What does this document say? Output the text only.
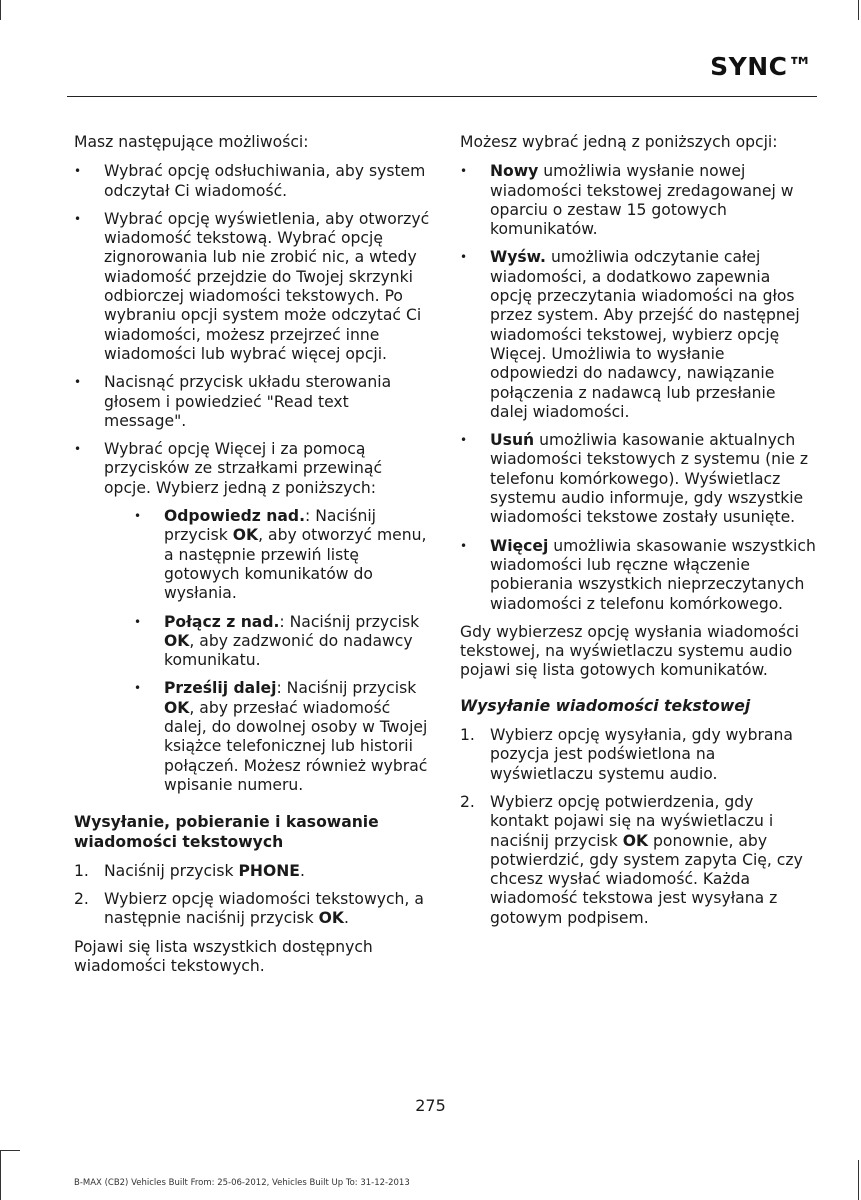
SYNC™

Masz następujące możliwości:

• Wybrać opcję odsłuchiwania, aby system odczytał Ci wiadomość.
• Wybrać opcję wyświetlenia, aby otworzyć wiadomość tekstową. Wybrać opcję zignorowania lub nie zrobić nic, a wtedy wiadomość przejdzie do Twojej skrzynki odbiorczej wiadomości tekstowych. Po wybraniu opcji system może odczytać Ci wiadomości, możesz przejrzeć inne wiadomości lub wybrać więcej opcji.
• Nacisnąć przycisk układu sterowania głosem i powiedzieć "Read text message".
• Wybrać opcję Więcej i za pomocą przycisków ze strzałkami przewinąć opcje. Wybierz jedną z poniższych:
• Odpowiedz nad.: Naciśnij przycisk OK, aby otworzyć menu, a następnie przewiń listę gotowych komunikatów do wysłania.
• Połącz z nad.: Naciśnij przycisk OK, aby zadzwonić do nadawcy komunikatu.
• Prześlij dalej: Naciśnij przycisk OK, aby przesłać wiadomość dalej, do dowolnej osoby w Twojej książce telefonicznej lub historii połączeń. Możesz również wybrać wpisanie numeru.
Wysyłanie, pobieranie i kasowanie wiadomości tekstowych
1. Naciśnij przycisk PHONE.
2. Wybierz opcję wiadomości tekstowych, a następnie naciśnij przycisk OK.

Pojawi się lista wszystkich dostępnych wiadomości tekstowych.

Możesz wybrać jedną z poniższych opcji:

• Nowy umożliwia wysłanie nowej wiadomości tekstowej zredagowanej w oparciu o zestaw 15 gotowych komunikatów.
• Wyśw. umożliwia odczytanie całej wiadomości, a dodatkowo zapewnia opcję przeczytania wiadomości na głos przez system. Aby przejść do następnej wiadomości tekstowej, wybierz opcję Więcej. Umożliwia to wysłanie odpowiedzi do nadawcy, nawiązanie połączenia z nadawcą lub przesłanie dalej wiadomości.
• Usuń umożliwia kasowanie aktualnych wiadomości tekstowych z systemu (nie z telefonu komórkowego). Wyświetlacz systemu audio informuje, gdy wszystkie wiadomości tekstowe zostały usunięte.
• Więcej umożliwia skasowanie wszystkich wiadomości lub ręczne włączenie pobierania wszystkich nieprzeczytanych wiadomości z telefonu komórkowego.

Gdy wybierzesz opcję wysłania wiadomości tekstowej, na wyświetlaczu systemu audio pojawi się lista gotowych komunikatów.

Wysyłanie wiadomości tekstowej
1. Wybierz opcję wysyłania, gdy wybrana pozycja jest podświetlona na wyświetlaczu systemu audio.
2. Wybierz opcję potwierdzenia, gdy kontakt pojawi się na wyświetlaczu i naciśnij przycisk OK ponownie, aby potwierdzić, gdy system zapyta Cię, czy chcesz wysłać wiadomość. Każda wiadomość tekstowa jest wysyłana z gotowym podpisem.
275
B-MAX (CB2) Vehicles Built From: 25-06-2012, Vehicles Built Up To: 31-12-2013
